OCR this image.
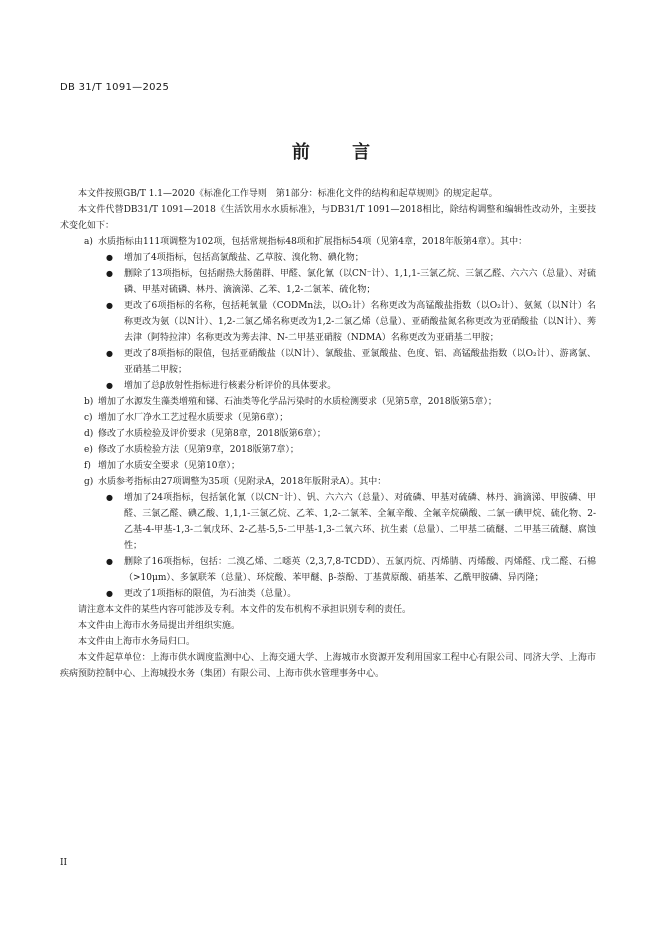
DB 31/T 1091—2025
前 言
本文件按照GB/T 1.1—2020《标准化工作导则　第1部分：标准化文件的结构和起草规则》的规定起草。
本文件代替DB31/T 1091—2018《生活饮用水水质标准》，与DB31/T 1091—2018相比，除结构调整和编辑性改动外，主要技术变化如下：
a) 水质指标由111项调整为102项，包括常规指标48项和扩展指标54项（见第4章，2018年版第4章）。其中：
●	增加了4项指标，包括高氯酸盐、乙草胺、溴化物、碘化物；
●	删除了13项指标，包括耐热大肠菌群、甲醛、氯化氰（以CN⁻计）、1,1,1-三氯乙烷、三氯乙醛、六六六（总量）、对硫磷、甲基对硫磷、林丹、滴滴涕、乙苯、1,2-二氯苯、硫化物；
●	更改了6项指标的名称，包括耗氧量（CODMn法，以O₂计）名称更改为高锰酸盐指数（以O₂计）、氨氮（以N计）名称更改为氨（以N计）、1,2-二氯乙烯名称更改为1,2-二氯乙烯（总量）、亚硝酸盐氮名称更改为亚硝酸盐（以N计）、莠去津（阿特拉津）名称更改为莠去津、N-二甲基亚硝胺（NDMA）名称更改为亚硝基二甲胺；
●	更改了8项指标的限值，包括亚硝酸盐（以N计）、氯酸盐、亚氯酸盐、色度、铝、高锰酸盐指数（以O₂计）、游离氯、亚硝基二甲胺；
●	增加了总β放射性指标进行核素分析评价的具体要求。
b) 增加了水源发生藻类增殖和锑、石油类等化学品污染时的水质检测要求（见第5章，2018版第5章）；
c) 增加了水厂净水工艺过程水质要求（见第6章）；
d) 修改了水质检验及评价要求（见第8章，2018版第6章）；
e) 修改了水质检验方法（见第9章，2018版第7章）；
f) 增加了水质安全要求（见第10章）；
g) 水质参考指标由27项调整为35项（见附录A，2018年版附录A）。其中：
●	增加了24项指标，包括氯化氰（以CN⁻计）、钒、六六六（总量）、对硫磷、甲基对硫磷、林丹、滴滴涕、甲胺磷、甲醛、三氯乙醛、碘乙酸、1,1,1-三氯乙烷、乙苯、1,2-二氯苯、全氟辛酸、全氟辛烷磺酸、二氯一碘甲烷、硫化物、2-乙基-4-甲基-1,3-二氧戊环、2-乙基-5,5-二甲基-1,3-二氧六环、抗生素（总量）、二甲基二硫醚、二甲基三硫醚、腐蚀性；
●	删除了16项指标，包括：二溴乙烯、二噁英（2,3,7,8-TCDD）、五氯丙烷、丙烯腈、丙烯酸、丙烯醛、戊二醛、石棉（>10μm）、多氯联苯（总量）、环烷酸、苯甲醚、β-萘酚、丁基黄原酸、硝基苯、乙酰甲胺磷、异丙隆；
●	更改了1项指标的限值，为石油类（总量）。
请注意本文件的某些内容可能涉及专利。本文件的发布机构不承担识别专利的责任。
本文件由上海市水务局提出并组织实施。
本文件由上海市水务局归口。
本文件起草单位：上海市供水调度监测中心、上海交通大学、上海城市水资源开发利用国家工程中心有限公司、同济大学、上海市疾病预防控制中心、上海城投水务（集团）有限公司、上海市供水管理事务中心。
II
